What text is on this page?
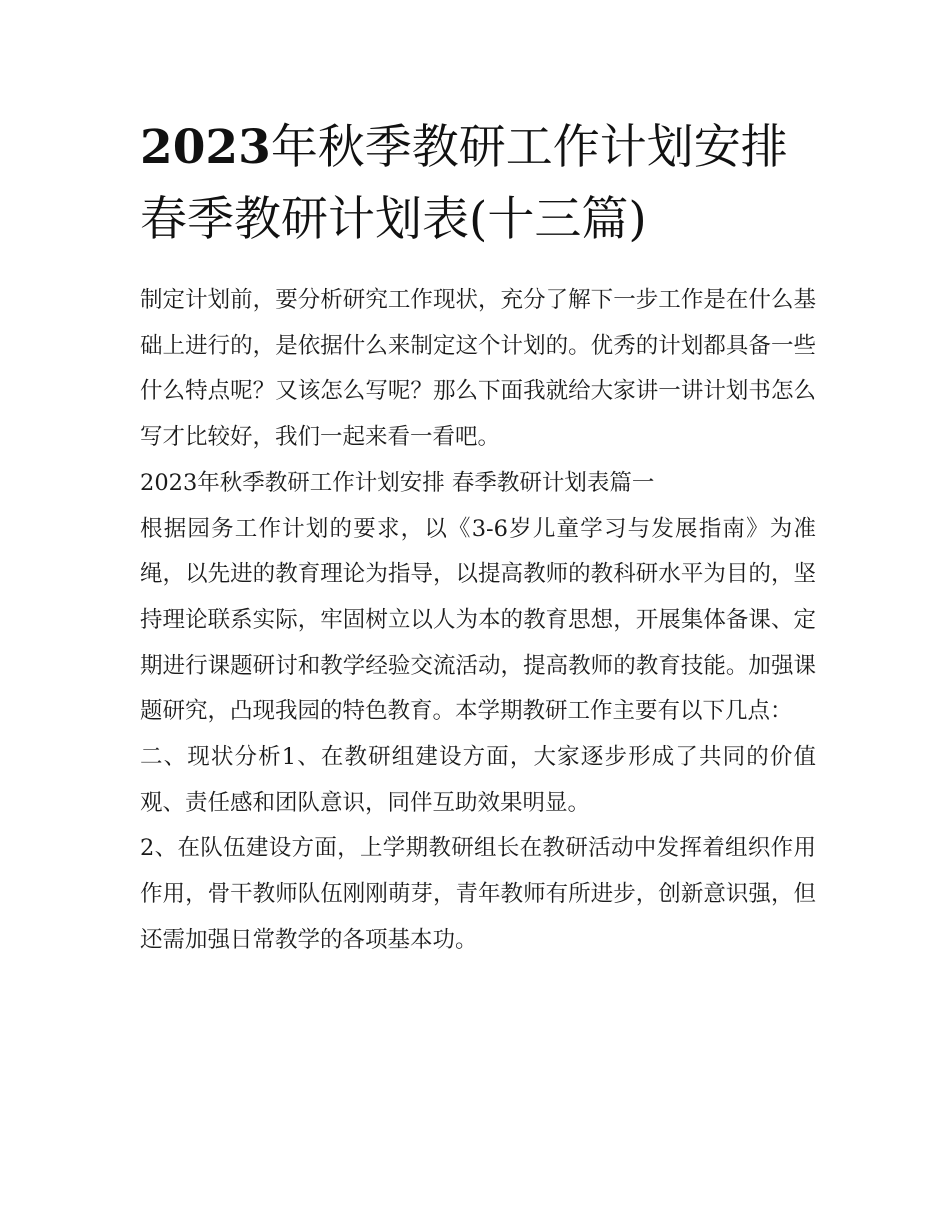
2023年秋季教研工作计划安排
春季教研计划表(十三篇)

制定计划前，要分析研究工作现状，充分了解下一步工作是在什么基础上进行的，是依据什么来制定这个计划的。优秀的计划都具备一些什么特点呢？又该怎么写呢？那么下面我就给大家讲一讲计划书怎么写才比较好，我们一起来看一看吧。

2023年秋季教研工作计划安排 春季教研计划表篇一

根据园务工作计划的要求，以《3-6岁儿童学习与发展指南》为准绳，以先进的教育理论为指导，以提高教师的教科研水平为目的，坚持理论联系实际，牢固树立以人为本的教育思想，开展集体备课、定期进行课题研讨和教学经验交流活动，提高教师的教育技能。加强课题研究，凸现我园的特色教育。本学期教研工作主要有以下几点：

二、现状分析1、在教研组建设方面，大家逐步形成了共同的价值观、责任感和团队意识，同伴互助效果明显。

2、在队伍建设方面，上学期教研组长在教研活动中发挥着组织作用作用，骨干教师队伍刚刚萌芽，青年教师有所进步，创新意识强，但还需加强日常教学的各项基本功。
